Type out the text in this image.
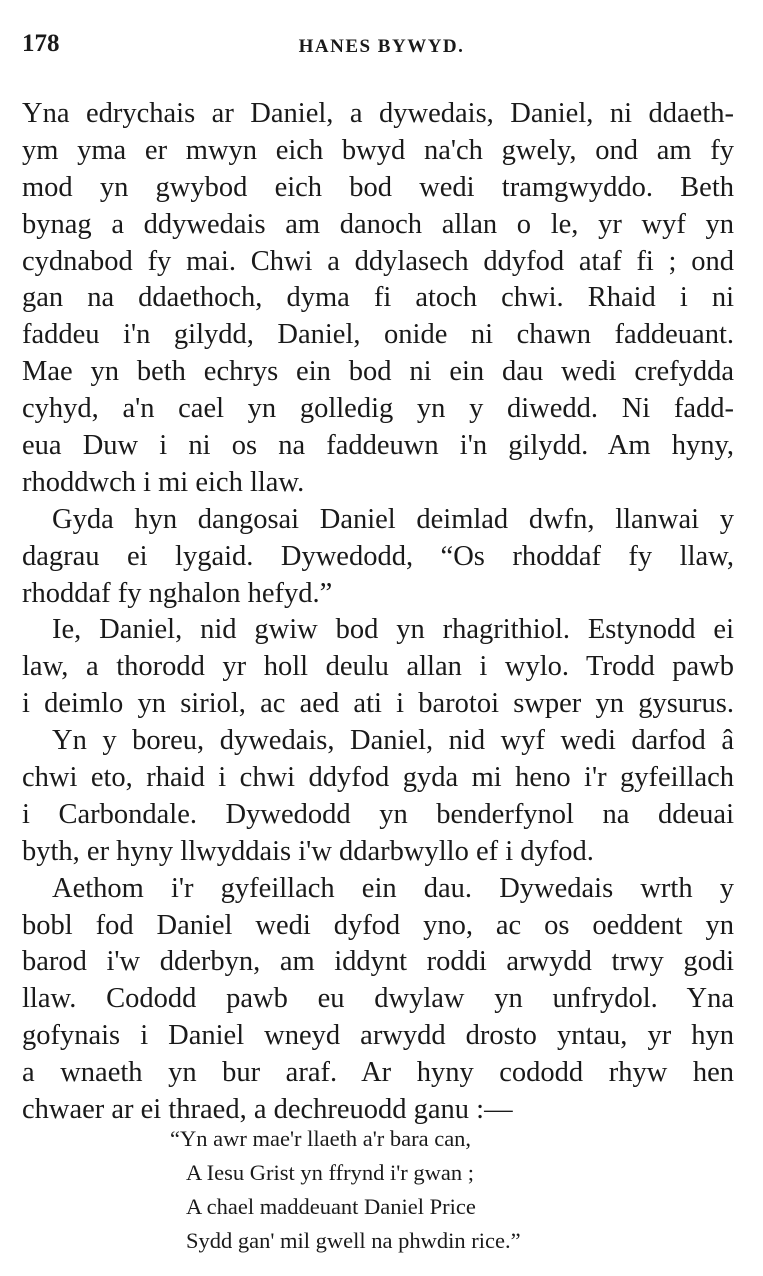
178	HANES BYWYD.
Yna edrychais ar Daniel, a dywedais, Daniel, ni ddaeth-
ym yma er mwyn eich bwyd na'ch gwely, ond am fy
mod yn gwybod eich bod wedi tramgwyddo. Beth
bynag a ddywedais am danoch allan o le, yr wyf yn
cydnabod fy mai. Chwi a ddylasech ddyfod ataf fi ; ond
gan na ddaethoch, dyma fi atoch chwi. Rhaid i ni
faddeu i'n gilydd, Daniel, onide ni chawn faddeuant.
Mae yn beth echrys ein bod ni ein dau wedi crefydda
cyhyd, a'n cael yn golledig yn y diwedd. Ni fadd-
eua Duw i ni os na faddeuwn i'n gilydd. Am hyny,
rhoddwch i mi eich llaw.
Gyda hyn dangosai Daniel deimlad dwfn, llanwai y
dagrau ei lygaid. Dywedodd, “Os rhoddaf fy llaw,
rhoddaf fy nghalon hefyd.”
Ie, Daniel, nid gwiw bod yn rhagrithiol. Estynodd ei
law, a thorodd yr holl deulu allan i wylo. Trodd pawb
i deimlo yn siriol, ac aed ati i barotoi swper yn gysurus.
Yn y boreu, dywedais, Daniel, nid wyf wedi darfod â
chwi eto, rhaid i chwi ddyfod gyda mi heno i'r gyfeillach
i Carbondale. Dywedodd yn benderfynol na ddeuai
byth, er hyny llwyddais i'w ddarbwyllo ef i dyfod.
Aethom i'r gyfeillach ein dau. Dywedais wrth y
bobl fod Daniel wedi dyfod yno, ac os oeddent yn
barod i'w dderbyn, am iddynt roddi arwydd trwy godi
llaw. Cododd pawb eu dwylaw yn unfrydol. Yna
gofynais i Daniel wneyd arwydd drosto yntau, yr hyn
a wnaeth yn bur araf. Ar hyny cododd rhyw hen
chwaer ar ei thraed, a dechreuodd ganu :—
“Yn awr mae'r llaeth a'r bara can,
A Iesu Grist yn ffrynd i'r gwan ;
A chael maddeuant Daniel Price
Sydd gan' mil gwell na phwdin rice.”
